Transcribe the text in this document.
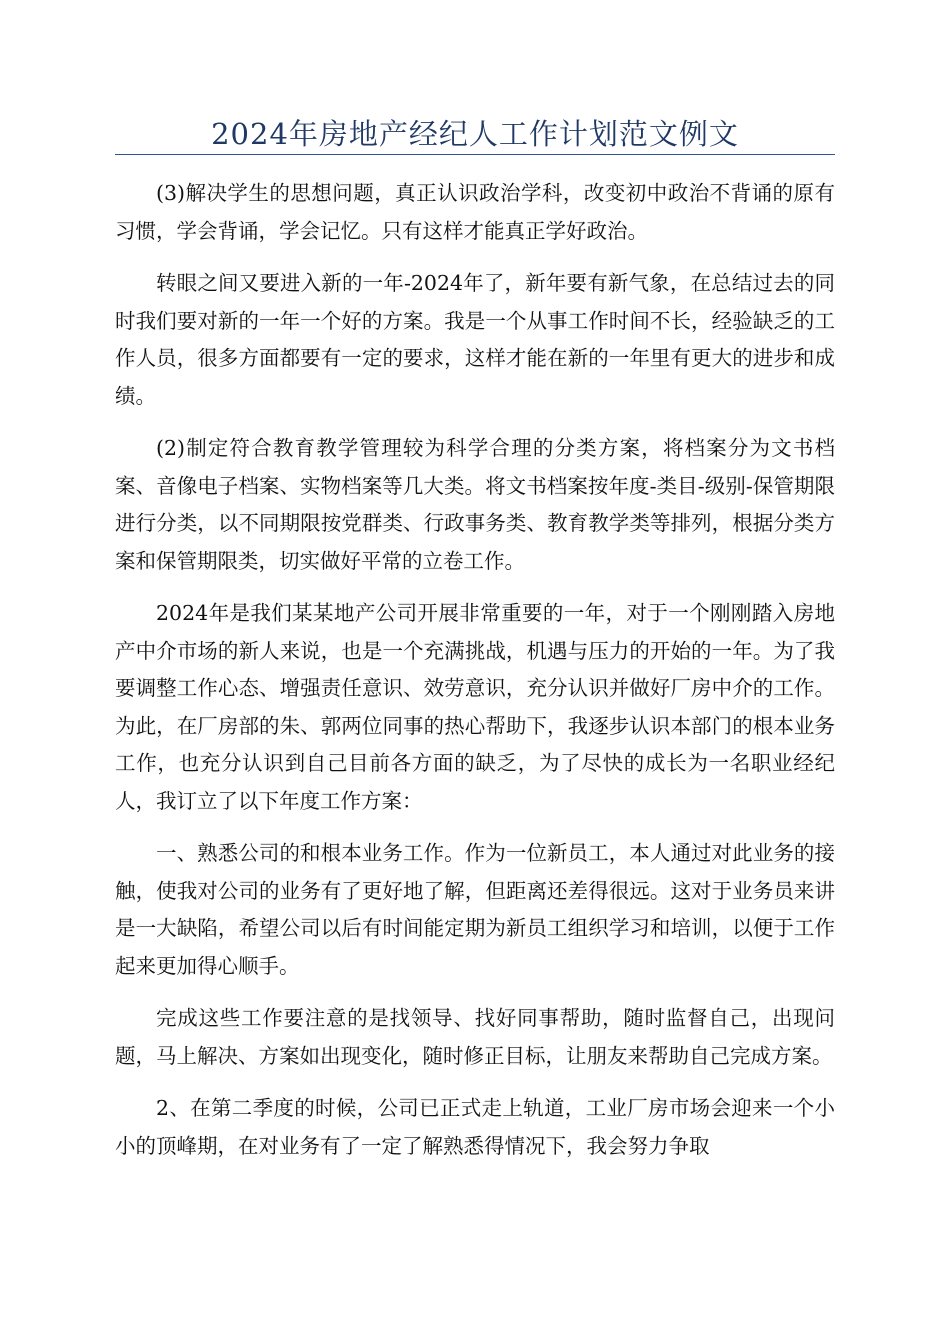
2024年房地产经纪人工作计划范文例文

(3)解决学生的思想问题，真正认识政治学科，改变初中政治不背诵的原有习惯，学会背诵，学会记忆。只有这样才能真正学好政治。

转眼之间又要进入新的一年-2024年了，新年要有新气象，在总结过去的同时我们要对新的一年一个好的方案。我是一个从事工作时间不长，经验缺乏的工作人员，很多方面都要有一定的要求，这样才能在新的一年里有更大的进步和成绩。

(2)制定符合教育教学管理较为科学合理的分类方案，将档案分为文书档案、音像电子档案、实物档案等几大类。将文书档案按年度-类目-级别-保管期限进行分类，以不同期限按党群类、行政事务类、教育教学类等排列，根据分类方案和保管期限类，切实做好平常的立卷工作。

2024年是我们某某地产公司开展非常重要的一年，对于一个刚刚踏入房地产中介市场的新人来说，也是一个充满挑战，机遇与压力的开始的一年。为了我要调整工作心态、增强责任意识、效劳意识，充分认识并做好厂房中介的工作。为此，在厂房部的朱、郭两位同事的热心帮助下，我逐步认识本部门的根本业务工作，也充分认识到自己目前各方面的缺乏，为了尽快的成长为一名职业经纪人，我订立了以下年度工作方案：

一、熟悉公司的和根本业务工作。作为一位新员工，本人通过对此业务的接触，使我对公司的业务有了更好地了解，但距离还差得很远。这对于业务员来讲是一大缺陷，希望公司以后有时间能定期为新员工组织学习和培训，以便于工作起来更加得心顺手。

完成这些工作要注意的是找领导、找好同事帮助，随时监督自己，出现问题，马上解决、方案如出现变化，随时修正目标，让朋友来帮助自己完成方案。

2、在第二季度的时候，公司已正式走上轨道，工业厂房市场会迎来一个小小的顶峰期，在对业务有了一定了解熟悉得情况下，我会努力争取
